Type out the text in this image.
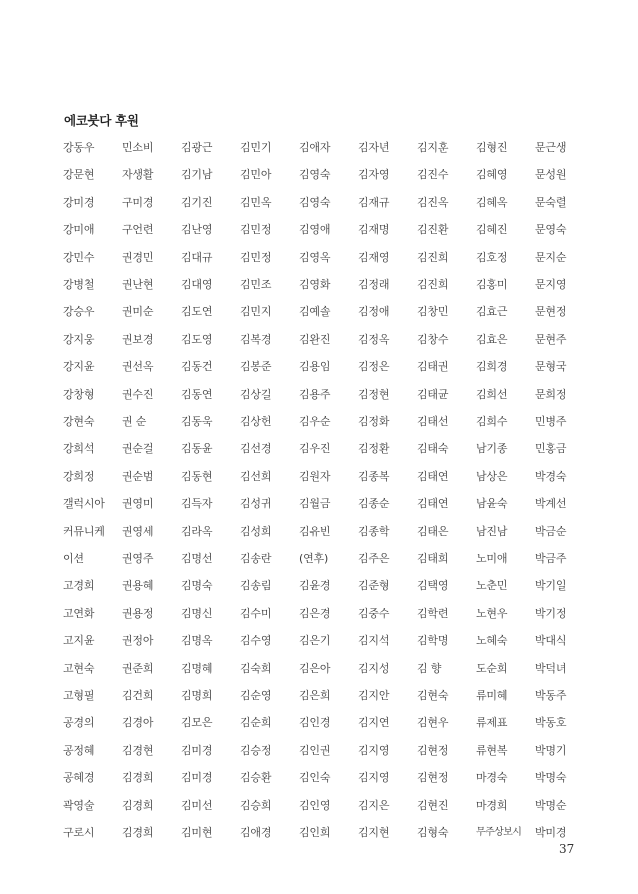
에코붓다 후원
강동우
강문현
강미경
강미애
강민수
강병철
강승우
강지웅
강지윤
강창형
강현숙
강희석
강희정
갤럭시아
커뮤니케
이션
고경희
고연화
고지윤
고현숙
고형필
공경의
공정혜
공혜경
곽영술
구로시
민소비
자생활
구미경
구언련
권경민
권난현
권미순
권보경
권선옥
권수진
권 순
권순걸
권순범
권영미
권영세
권영주
권용혜
권용정
권정아
권준희
김건희
김경아
김경현
김경희
김경희
김경희
김광근
김기남
김기진
김난영
김대규
김대영
김도연
김도영
김동건
김동연
김동욱
김동윤
김동현
김득자
김라옥
김명선
김명숙
김명신
김명옥
김명혜
김명희
김모은
김미경
김미경
김미선
김미현
김민기
김민아
김민옥
김민정
김민정
김민조
김민지
김복경
김봉준
김상길
김상헌
김선경
김선희
김성귀
김성희
김송란
김송림
김수미
김수영
김숙희
김순영
김순희
김승정
김승환
김승희
김애경
김애자
김영숙
김영숙
김영애
김영옥
김영화
김예솔
김완진
김용임
김용주
김우순
김우진
김원자
김월금
김유빈
(연후)
김윤경
김은경
김은기
김은아
김은희
김인경
김인권
김인숙
김인영
김인희
김자년
김자영
김재규
김재명
김재영
김정래
김정애
김정옥
김정은
김정현
김정화
김정환
김종복
김종순
김종학
김주은
김준형
김중수
김지석
김지성
김지안
김지연
김지영
김지영
김지은
김지현
김지훈
김진수
김진옥
김진환
김진희
김진희
김창민
김창수
김태권
김태균
김태선
김태숙
김태연
김태연
김태은
김태희
김택영
김학련
김학명
김 향
김현숙
김현우
김현정
김현정
김현진
김형숙
김형진
김혜영
김혜옥
김혜진
김호정
김홍미
김효근
김효은
김희경
김희선
김희수
남기종
남상은
남윤숙
남진남
노미애
노춘민
노현우
노혜숙
도순희
류미혜
류제표
류현복
마경숙
마경희
무주상보시
문근생
문성원
문숙렬
문영숙
문지순
문지영
문현정
문현주
문형국
문희정
민병주
민홍금
박경숙
박계선
박금순
박금주
박기일
박기정
박대식
박덕녀
박동주
박동호
박명기
박명숙
박명순
박미경
37
